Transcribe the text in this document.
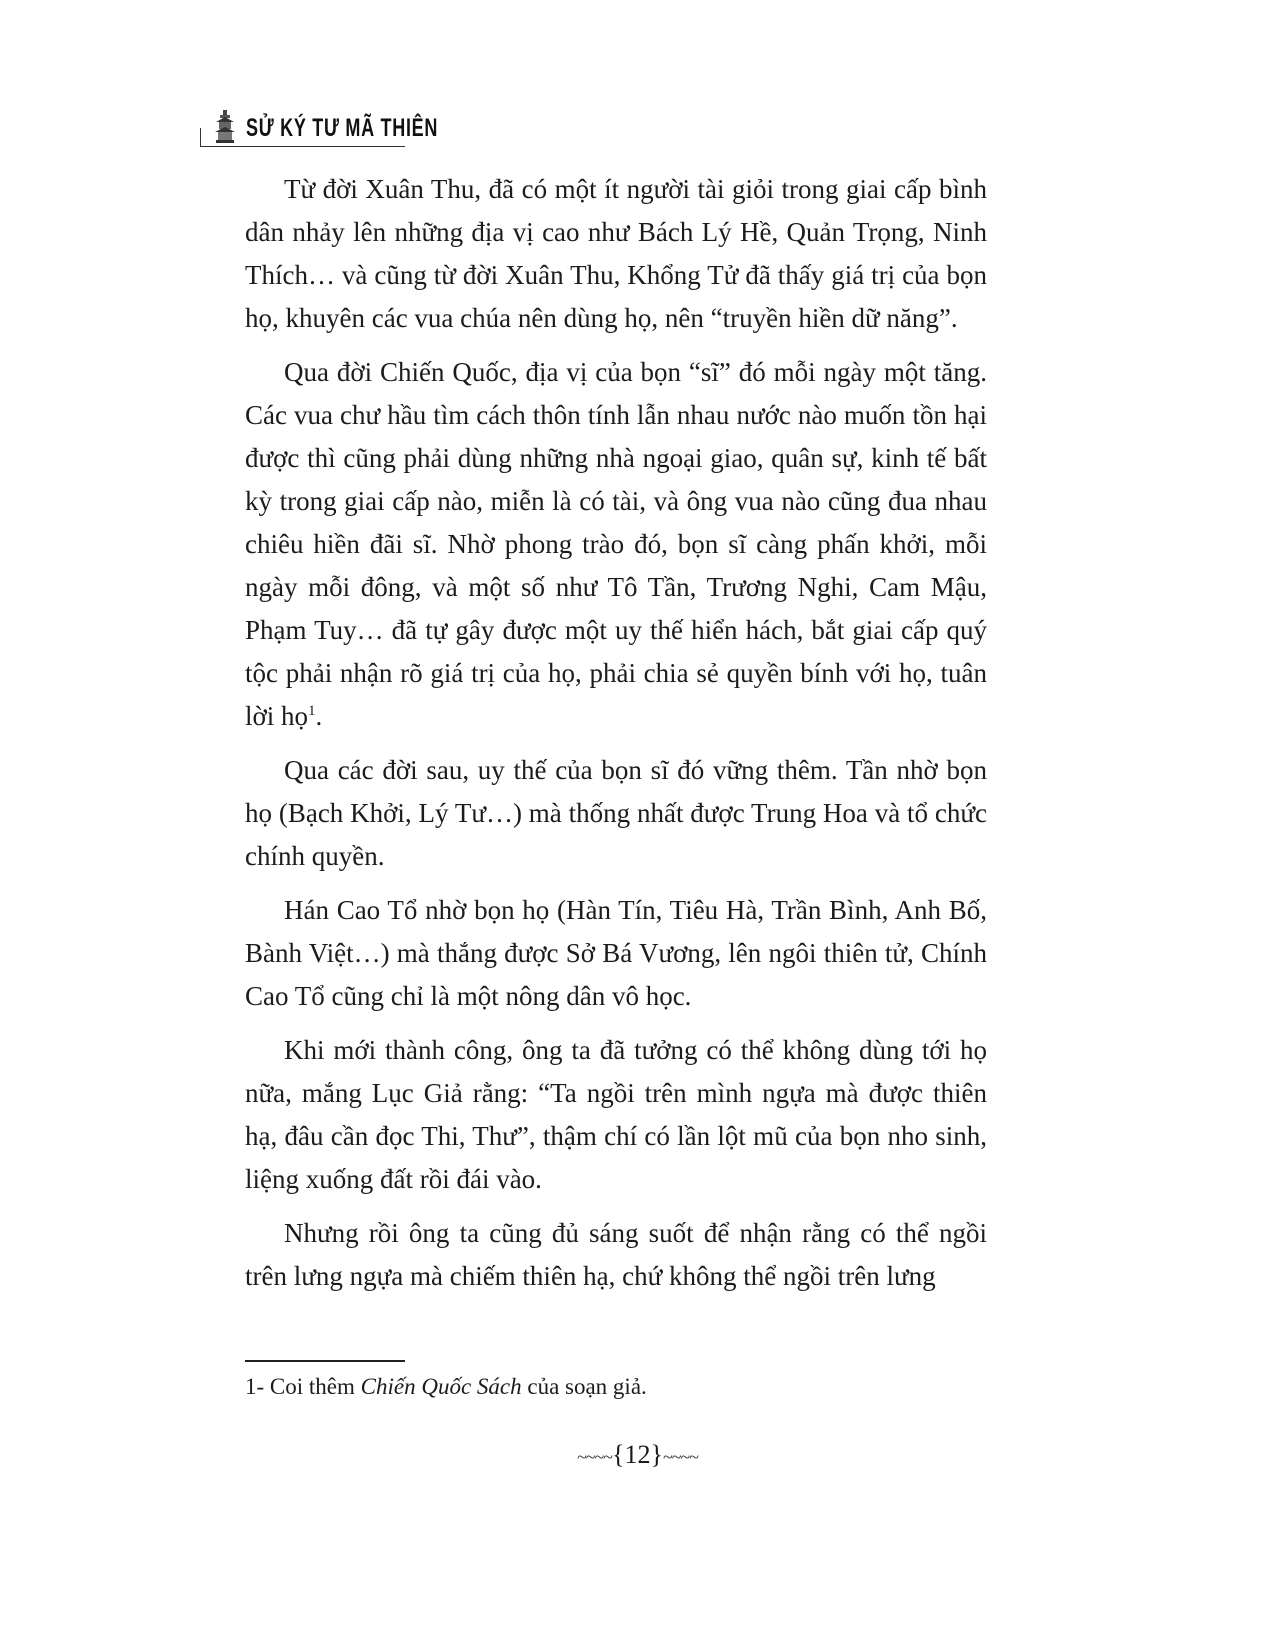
SỬ KÝ TƯ MÃ THIÊN

Từ đời Xuân Thu, đã có một ít người tài giỏi trong giai cấp bình dân nhảy lên những địa vị cao như Bách Lý Hề, Quản Trọng, Ninh Thích… và cũng từ đời Xuân Thu, Khổng Tử đã thấy giá trị của bọn họ, khuyên các vua chúa nên dùng họ, nên “truyền hiền dữ năng”.

Qua đời Chiến Quốc, địa vị của bọn “sĩ” đó mỗi ngày một tăng. Các vua chư hầu tìm cách thôn tính lẫn nhau nước nào muốn tồn hại được thì cũng phải dùng những nhà ngoại giao, quân sự, kinh tế bất kỳ trong giai cấp nào, miễn là có tài, và ông vua nào cũng đua nhau chiêu hiền đãi sĩ. Nhờ phong trào đó, bọn sĩ càng phấn khởi, mỗi ngày mỗi đông, và một số như Tô Tần, Trương Nghi, Cam Mậu, Phạm Tuy… đã tự gây được một uy thế hiển hách, bắt giai cấp quý tộc phải nhận rõ giá trị của họ, phải chia sẻ quyền bính với họ, tuân lời họ$^1$.

Qua các đời sau, uy thế của bọn sĩ đó vững thêm. Tần nhờ bọn họ (Bạch Khởi, Lý Tư…) mà thống nhất được Trung Hoa và tổ chức chính quyền.

Hán Cao Tổ nhờ bọn họ (Hàn Tín, Tiêu Hà, Trần Bình, Anh Bố, Bành Việt…) mà thắng được Sở Bá Vương, lên ngôi thiên tử, Chính Cao Tổ cũng chỉ là một nông dân vô học.

Khi mới thành công, ông ta đã tưởng có thể không dùng tới họ nữa, mắng Lục Giả rằng: “Ta ngồi trên mình ngựa mà được thiên hạ, đâu cần đọc Thi, Thư”, thậm chí có lần lột mũ của bọn nho sinh, liệng xuống đất rồi đái vào.

Nhưng rồi ông ta cũng đủ sáng suốt để nhận rằng có thể ngồi trên lưng ngựa mà chiếm thiên hạ, chứ không thể ngồi trên lưng

1- Coi thêm Chiến Quốc Sách của soạn giả.
~~~~{12}~~~~
